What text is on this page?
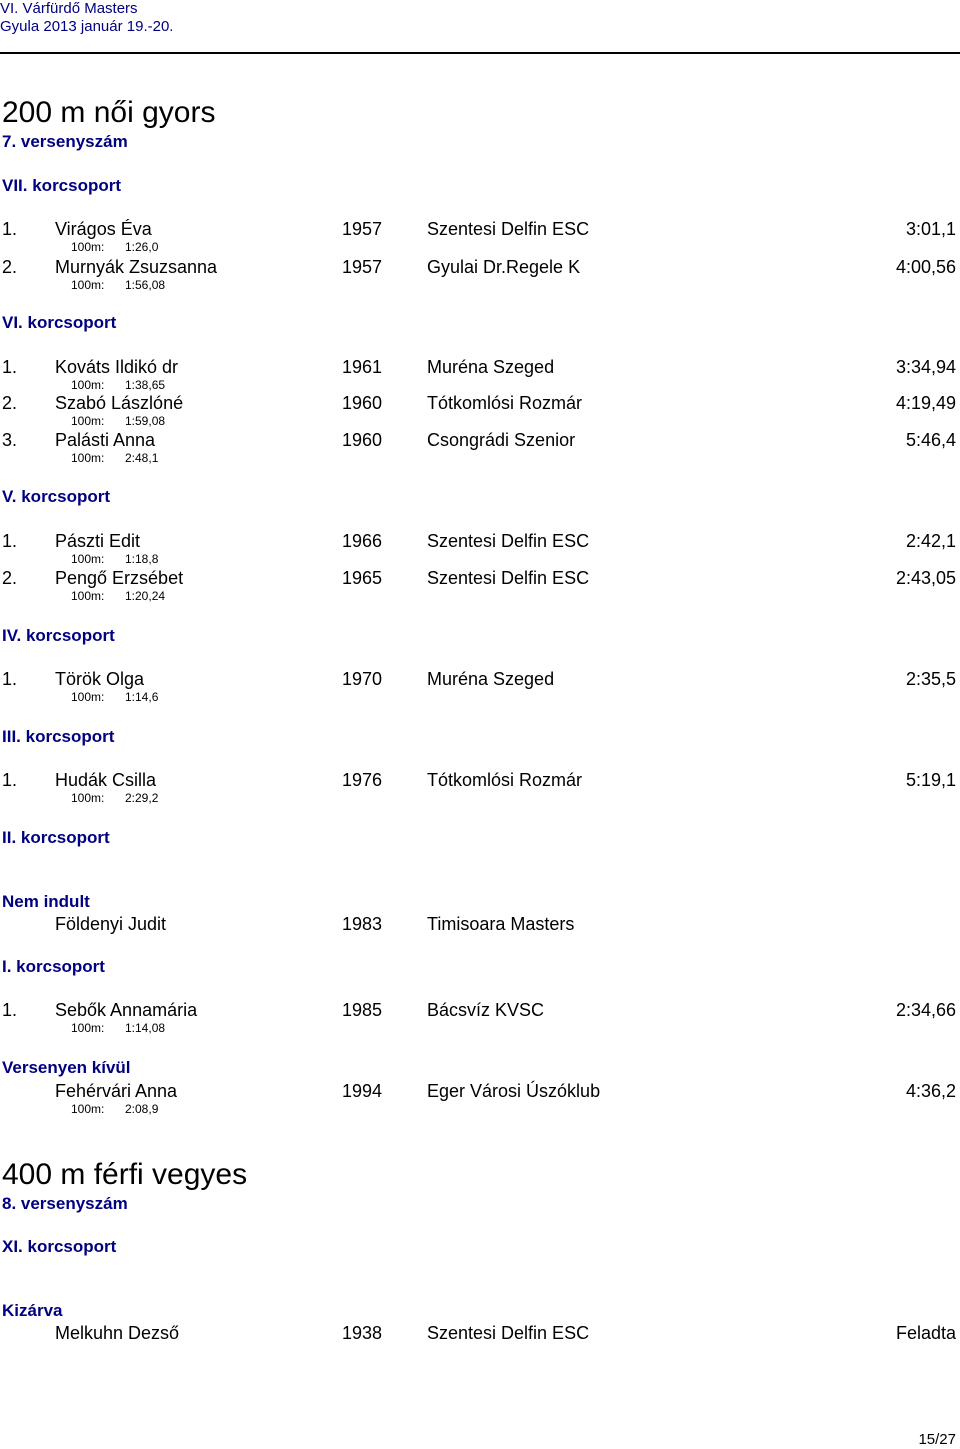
VI. Várfürdő Masters
Gyula 2013 január 19.-20.
200 m női gyors
7. versenyszám
VII. korcsoport
1. Virágos Éva	1957 Szentesi Delfin ESC	3:01,1
100m: 1:26,0
2. Murnyák Zsuzsanna	1957 Gyulai Dr.Regele K	4:00,56
100m: 1:56,08
VI. korcsoport
1. Kováts Ildikó dr	1961 Muréna Szeged	3:34,94
100m: 1:38,65
2. Szabó Lászlóné	1960 Tótkomlósi Rozmár	4:19,49
100m: 1:59,08
3. Palásti Anna	1960 Csongrádi Szenior	5:46,4
100m: 2:48,1
V. korcsoport
1. Pászti Edit	1966 Szentesi Delfin ESC	2:42,1
100m: 1:18,8
2. Pengő Erzsébet	1965 Szentesi Delfin ESC	2:43,05
100m: 1:20,24
IV. korcsoport
1. Török Olga	1970 Muréna Szeged	2:35,5
100m: 1:14,6
III. korcsoport
1. Hudák Csilla	1976 Tótkomlósi Rozmár	5:19,1
100m: 2:29,2
II. korcsoport
Nem indult
Földenyi Judit	1983 Timisoara Masters
I. korcsoport
1. Sebők Annamária	1985 Bácsvíz KVSC	2:34,66
100m: 1:14,08
Versenyen kívül
Fehérvári Anna	1994 Eger Városi Úszóklub	4:36,2
100m: 2:08,9
400 m férfi vegyes
8. versenyszám
XI. korcsoport
Kizárva
Melkuhn Dezső	1938 Szentesi Delfin ESC	Feladta
15/27
